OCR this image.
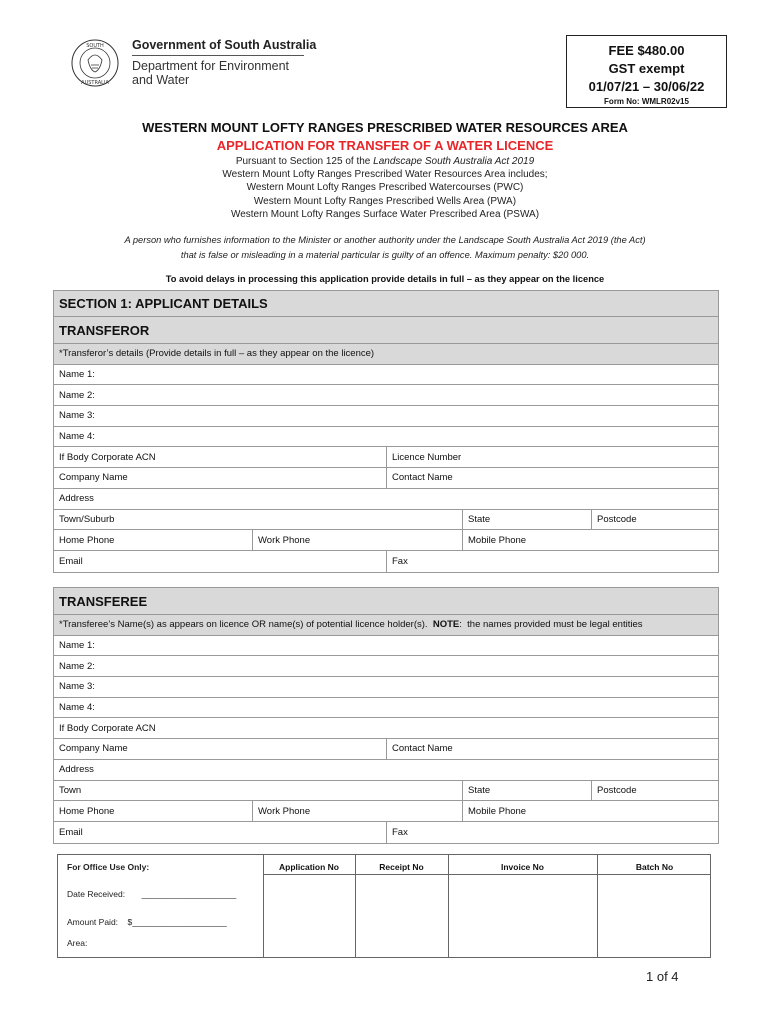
SOUTH
AUSTRALIA
Government of South Australia
Department for Environment
and Water
FEE $480.00
GST exempt
01/07/21 – 30/06/22
Form No: WMLR02v15
WESTERN MOUNT LOFTY RANGES PRESCRIBED WATER RESOURCES AREA
APPLICATION FOR TRANSFER OF A WATER LICENCE
Pursuant to Section 125 of the Landscape South Australia Act 2019
Western Mount Lofty Ranges Prescribed Water Resources Area includes;
Western Mount Lofty Ranges Prescribed Watercourses (PWC)
Western Mount Lofty Ranges Prescribed Wells Area (PWA)
Western Mount Lofty Ranges Surface Water Prescribed Area (PSWA)
A person who furnishes information to the Minister or another authority under the Landscape South Australia Act 2019 (the Act)
that is false or misleading in a material particular is guilty of an offence. Maximum penalty: $20 000.
To avoid delays in processing this application provide details in full – as they appear on the licence
SECTION 1: APPLICANT DETAILS
TRANSFEROR
*Transferor’s details (Provide details in full – as they appear on the licence)
Name 1:
Name 2:
Name 3:
Name 4:
If Body Corporate ACN	Licence Number
Company Name	Contact Name
Address
Town/Suburb	State	Postcode
Home Phone	Work Phone	Mobile Phone
Email	Fax
TRANSFEREE
*Transferee’s Name(s) as appears on licence OR name(s) of potential licence holder(s). NOTE :  the names provided must be legal entities
Name 1:
Name 2:
Name 3:
Name 4:
If Body Corporate ACN
Company Name	Contact Name
Address
Town	State	Postcode
Home Phone	Work Phone	Mobile Phone
Email	Fax
For Office Use Only:
Date Received:       ____________________
Amount Paid:    $____________________
Area:
Application No	Receipt No	Invoice No	Batch No
1 of 4
